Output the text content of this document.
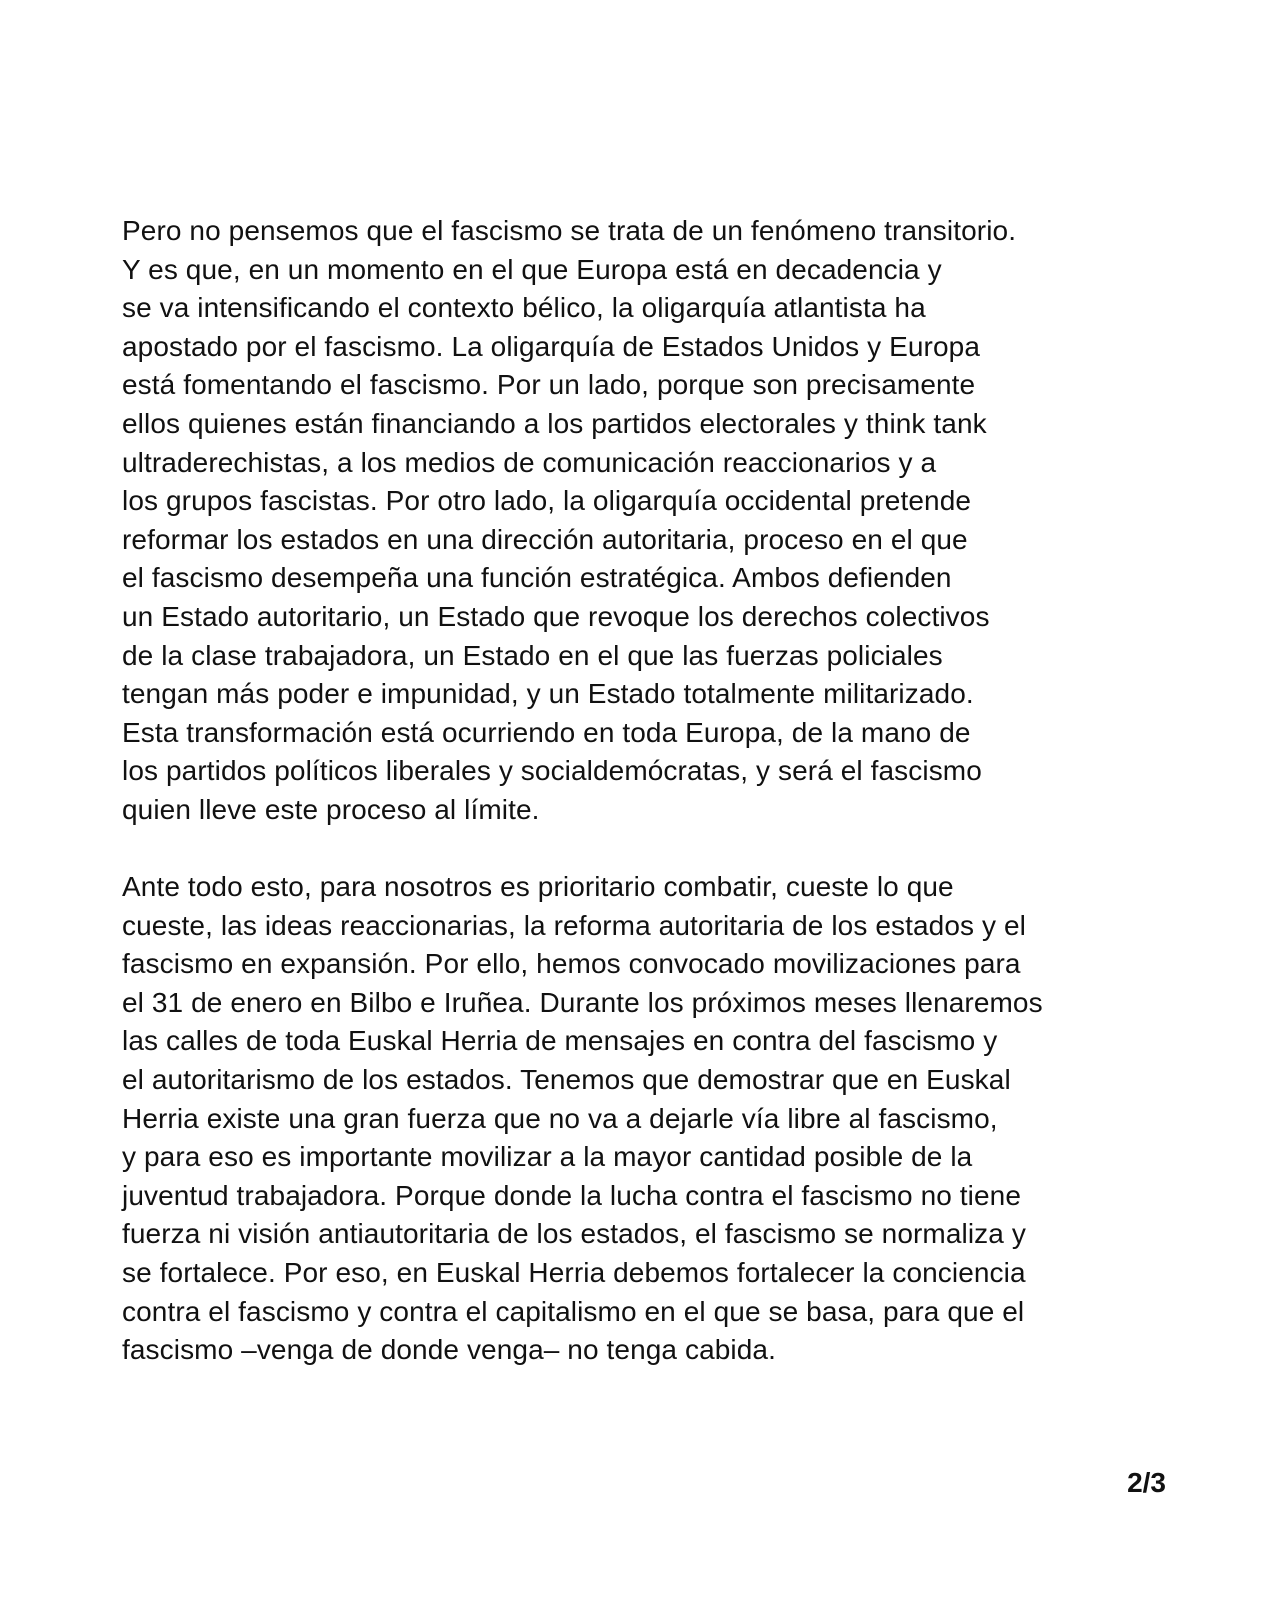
Pero no pensemos que el fascismo se trata de un fenómeno transitorio.
Y es que, en un momento en el que Europa está en decadencia y
se va intensificando el contexto bélico, la oligarquía atlantista ha
apostado por el fascismo. La oligarquía de Estados Unidos y Europa
está fomentando el fascismo. Por un lado, porque son precisamente
ellos quienes están financiando a los partidos electorales y think tank
ultraderechistas, a los medios de comunicación reaccionarios y a
los grupos fascistas. Por otro lado, la oligarquía occidental pretende
reformar los estados en una dirección autoritaria, proceso en el que
el fascismo desempeña una función estratégica. Ambos defienden
un Estado autoritario, un Estado que revoque los derechos colectivos
de la clase trabajadora, un Estado en el que las fuerzas policiales
tengan más poder e impunidad, y un Estado totalmente militarizado.
Esta transformación está ocurriendo en toda Europa, de la mano de
los partidos políticos liberales y socialdemócratas, y será el fascismo
quien lleve este proceso al límite.
Ante todo esto, para nosotros es prioritario combatir, cueste lo que
cueste, las ideas reaccionarias, la reforma autoritaria de los estados y el
fascismo en expansión. Por ello, hemos convocado movilizaciones para
el 31 de enero en Bilbo e Iruñea. Durante los próximos meses llenaremos
las calles de toda Euskal Herria de mensajes en contra del fascismo y
el autoritarismo de los estados. Tenemos que demostrar que en Euskal
Herria existe una gran fuerza que no va a dejarle vía libre al fascismo,
y para eso es importante movilizar a la mayor cantidad posible de la
juventud trabajadora. Porque donde la lucha contra el fascismo no tiene
fuerza ni visión antiautoritaria de los estados, el fascismo se normaliza y
se fortalece. Por eso, en Euskal Herria debemos fortalecer la conciencia
contra el fascismo y contra el capitalismo en el que se basa, para que el
fascismo –venga de donde venga– no tenga cabida.
2/3
